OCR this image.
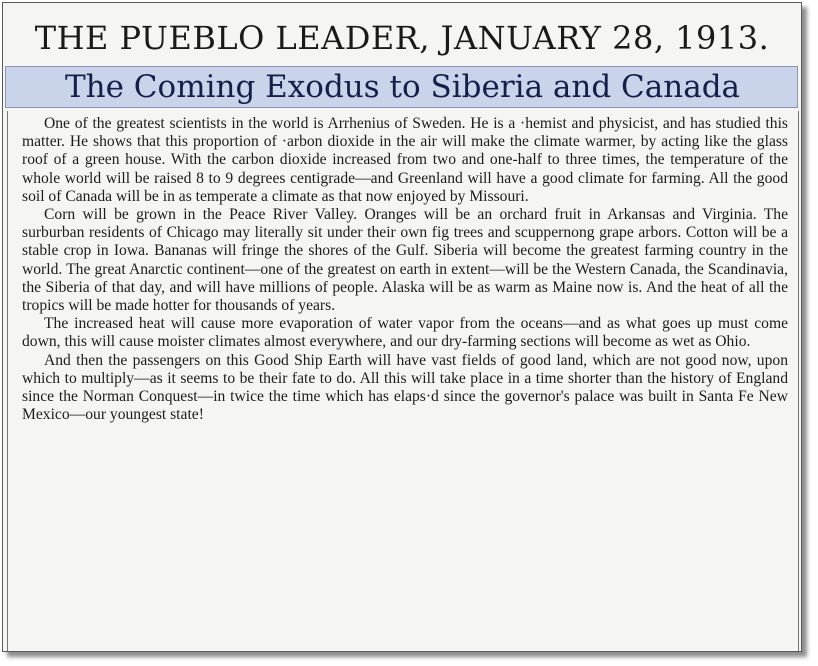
THE PUEBLO LEADER, JANUARY 28, 1913.
The Coming Exodus to Siberia and Canada

One of the greatest scientists in the world is Arrhenius of Sweden. He is a ·hemist and physicist, and has studied this matter. He shows that this proportion of ·arbon dioxide in the air will make the climate warmer, by acting like the glass roof of a green house. With the carbon dioxide increased from two and one-half to three times, the temperature of the whole world will be raised 8 to 9 degrees centigrade—and Greenland will have a good climate for farming. All the good soil of Canada will be in as temperate a climate as that now enjoyed by Missouri.

Corn will be grown in the Peace River Valley. Oranges will be an orchard fruit in Arkansas and Virginia. The surburban residents of Chicago may literally sit under their own fig trees and scuppernong grape arbors. Cotton will be a stable crop in Iowa. Bananas will fringe the shores of the Gulf. Siberia will become the greatest farming country in the world. The great Anarctic continent—one of the greatest on earth in extent—will be the Western Canada, the Scandinavia, the Siberia of that day, and will have millions of people. Alaska will be as warm as Maine now is. And the heat of all the tropics will be made hotter for thousands of years.

The increased heat will cause more evaporation of water vapor from the oceans—and as what goes up must come down, this will cause moister climates almost everywhere, and our dry-farming sections will become as wet as Ohio.

And then the passengers on this Good Ship Earth will have vast fields of good land, which are not good now, upon which to multiply—as it seems to be their fate to do. All this will take place in a time shorter than the history of England since the Norman Conquest—in twice the time which has elaps·d since the governor's palace was built in Santa Fe New Mexico—our youngest state!
